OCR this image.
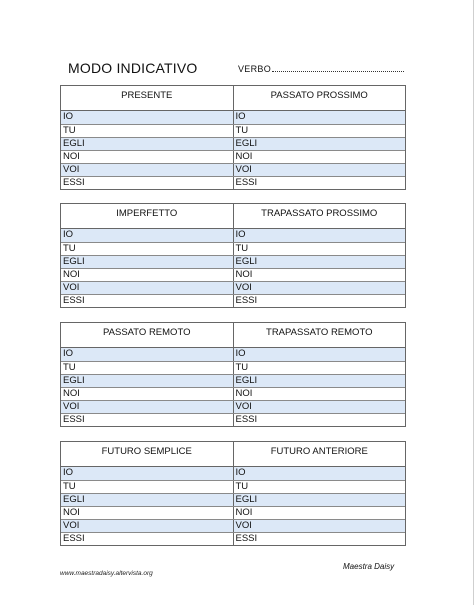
MODO INDICATIVO	VERBO
PRESENTE	PASSATO PROSSIMO
IO	IO
TU	TU
EGLI	EGLI
NOI	NOI
VOI	VOI
ESSI	ESSI
IMPERFETTO	TRAPASSATO PROSSIMO
IO	IO
TU	TU
EGLI	EGLI
NOI	NOI
VOI	VOI
ESSI	ESSI
PASSATO REMOTO	TRAPASSATO REMOTO
IO	IO
TU	TU
EGLI	EGLI
NOI	NOI
VOI	VOI
ESSI	ESSI
FUTURO SEMPLICE	FUTURO ANTERIORE
IO	IO
TU	TU
EGLI	EGLI
NOI	NOI
VOI	VOI
ESSI	ESSI
Maestra Daisy
www.maestradaisy.altervista.org
